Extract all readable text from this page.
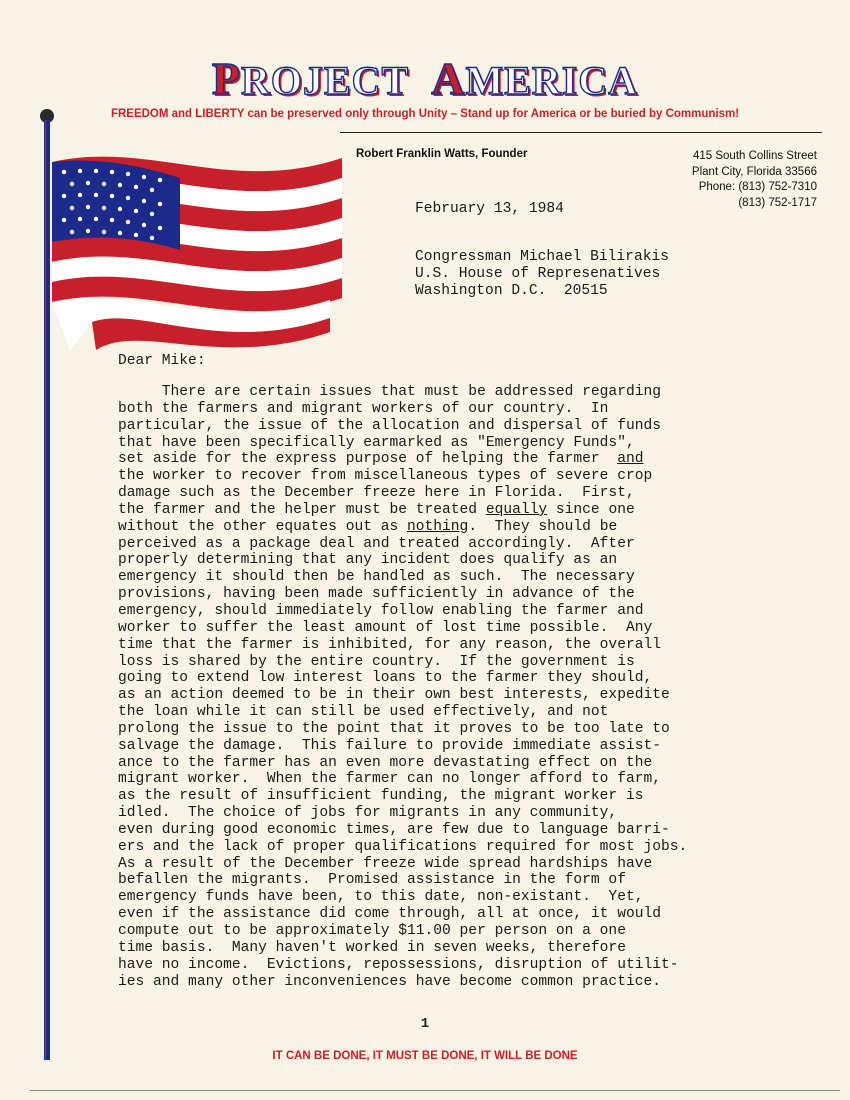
PROJECT AMERICA
FREEDOM and LIBERTY can be preserved only through Unity – Stand up for America or be buried by Communism!
Robert Franklin Watts, Founder	415 South Collins Street
Plant City, Florida 33566
Phone: (813) 752-7310
(813) 752-1717
February 13, 1984
Congressman Michael Bilirakis
U.S. House of Represenatives
Washington D.C.  20515
Dear Mike:
There are certain issues that must be addressed regarding
both the farmers and migrant workers of our country.  In
particular, the issue of the allocation and dispersal of funds
that have been specifically earmarked as "Emergency Funds",
set aside for the express purpose of helping the farmer  and
the worker to recover from miscellaneous types of severe crop
damage such as the December freeze here in Florida.  First,
the farmer and the helper must be treated equally since one
without the other equates out as nothing.  They should be
perceived as a package deal and treated accordingly.  After
properly determining that any incident does qualify as an
emergency it should then be handled as such.  The necessary
provisions, having been made sufficiently in advance of the
emergency, should immediately follow enabling the farmer and
worker to suffer the least amount of lost time possible.  Any
time that the farmer is inhibited, for any reason, the overall
loss is shared by the entire country.  If the government is
going to extend low interest loans to the farmer they should,
as an action deemed to be in their own best interests, expedite
the loan while it can still be used effectively, and not
prolong the issue to the point that it proves to be too late to
salvage the damage.  This failure to provide immediate assist-
ance to the farmer has an even more devastating effect on the
migrant worker.  When the farmer can no longer afford to farm,
as the result of insufficient funding, the migrant worker is
idled.  The choice of jobs for migrants in any community,
even during good economic times, are few due to language barri-
ers and the lack of proper qualifications required for most jobs.
As a result of the December freeze wide spread hardships have
befallen the migrants.  Promised assistance in the form of
emergency funds have been, to this date, non-existant.  Yet,
even if the assistance did come through, all at once, it would
compute out to be approximately $11.00 per person on a one
time basis.  Many haven't worked in seven weeks, therefore
have no income.  Evictions, repossessions, disruption of utilit-
ies and many other inconveniences have become common practice.
1
IT CAN BE DONE, IT MUST BE DONE, IT WILL BE DONE
